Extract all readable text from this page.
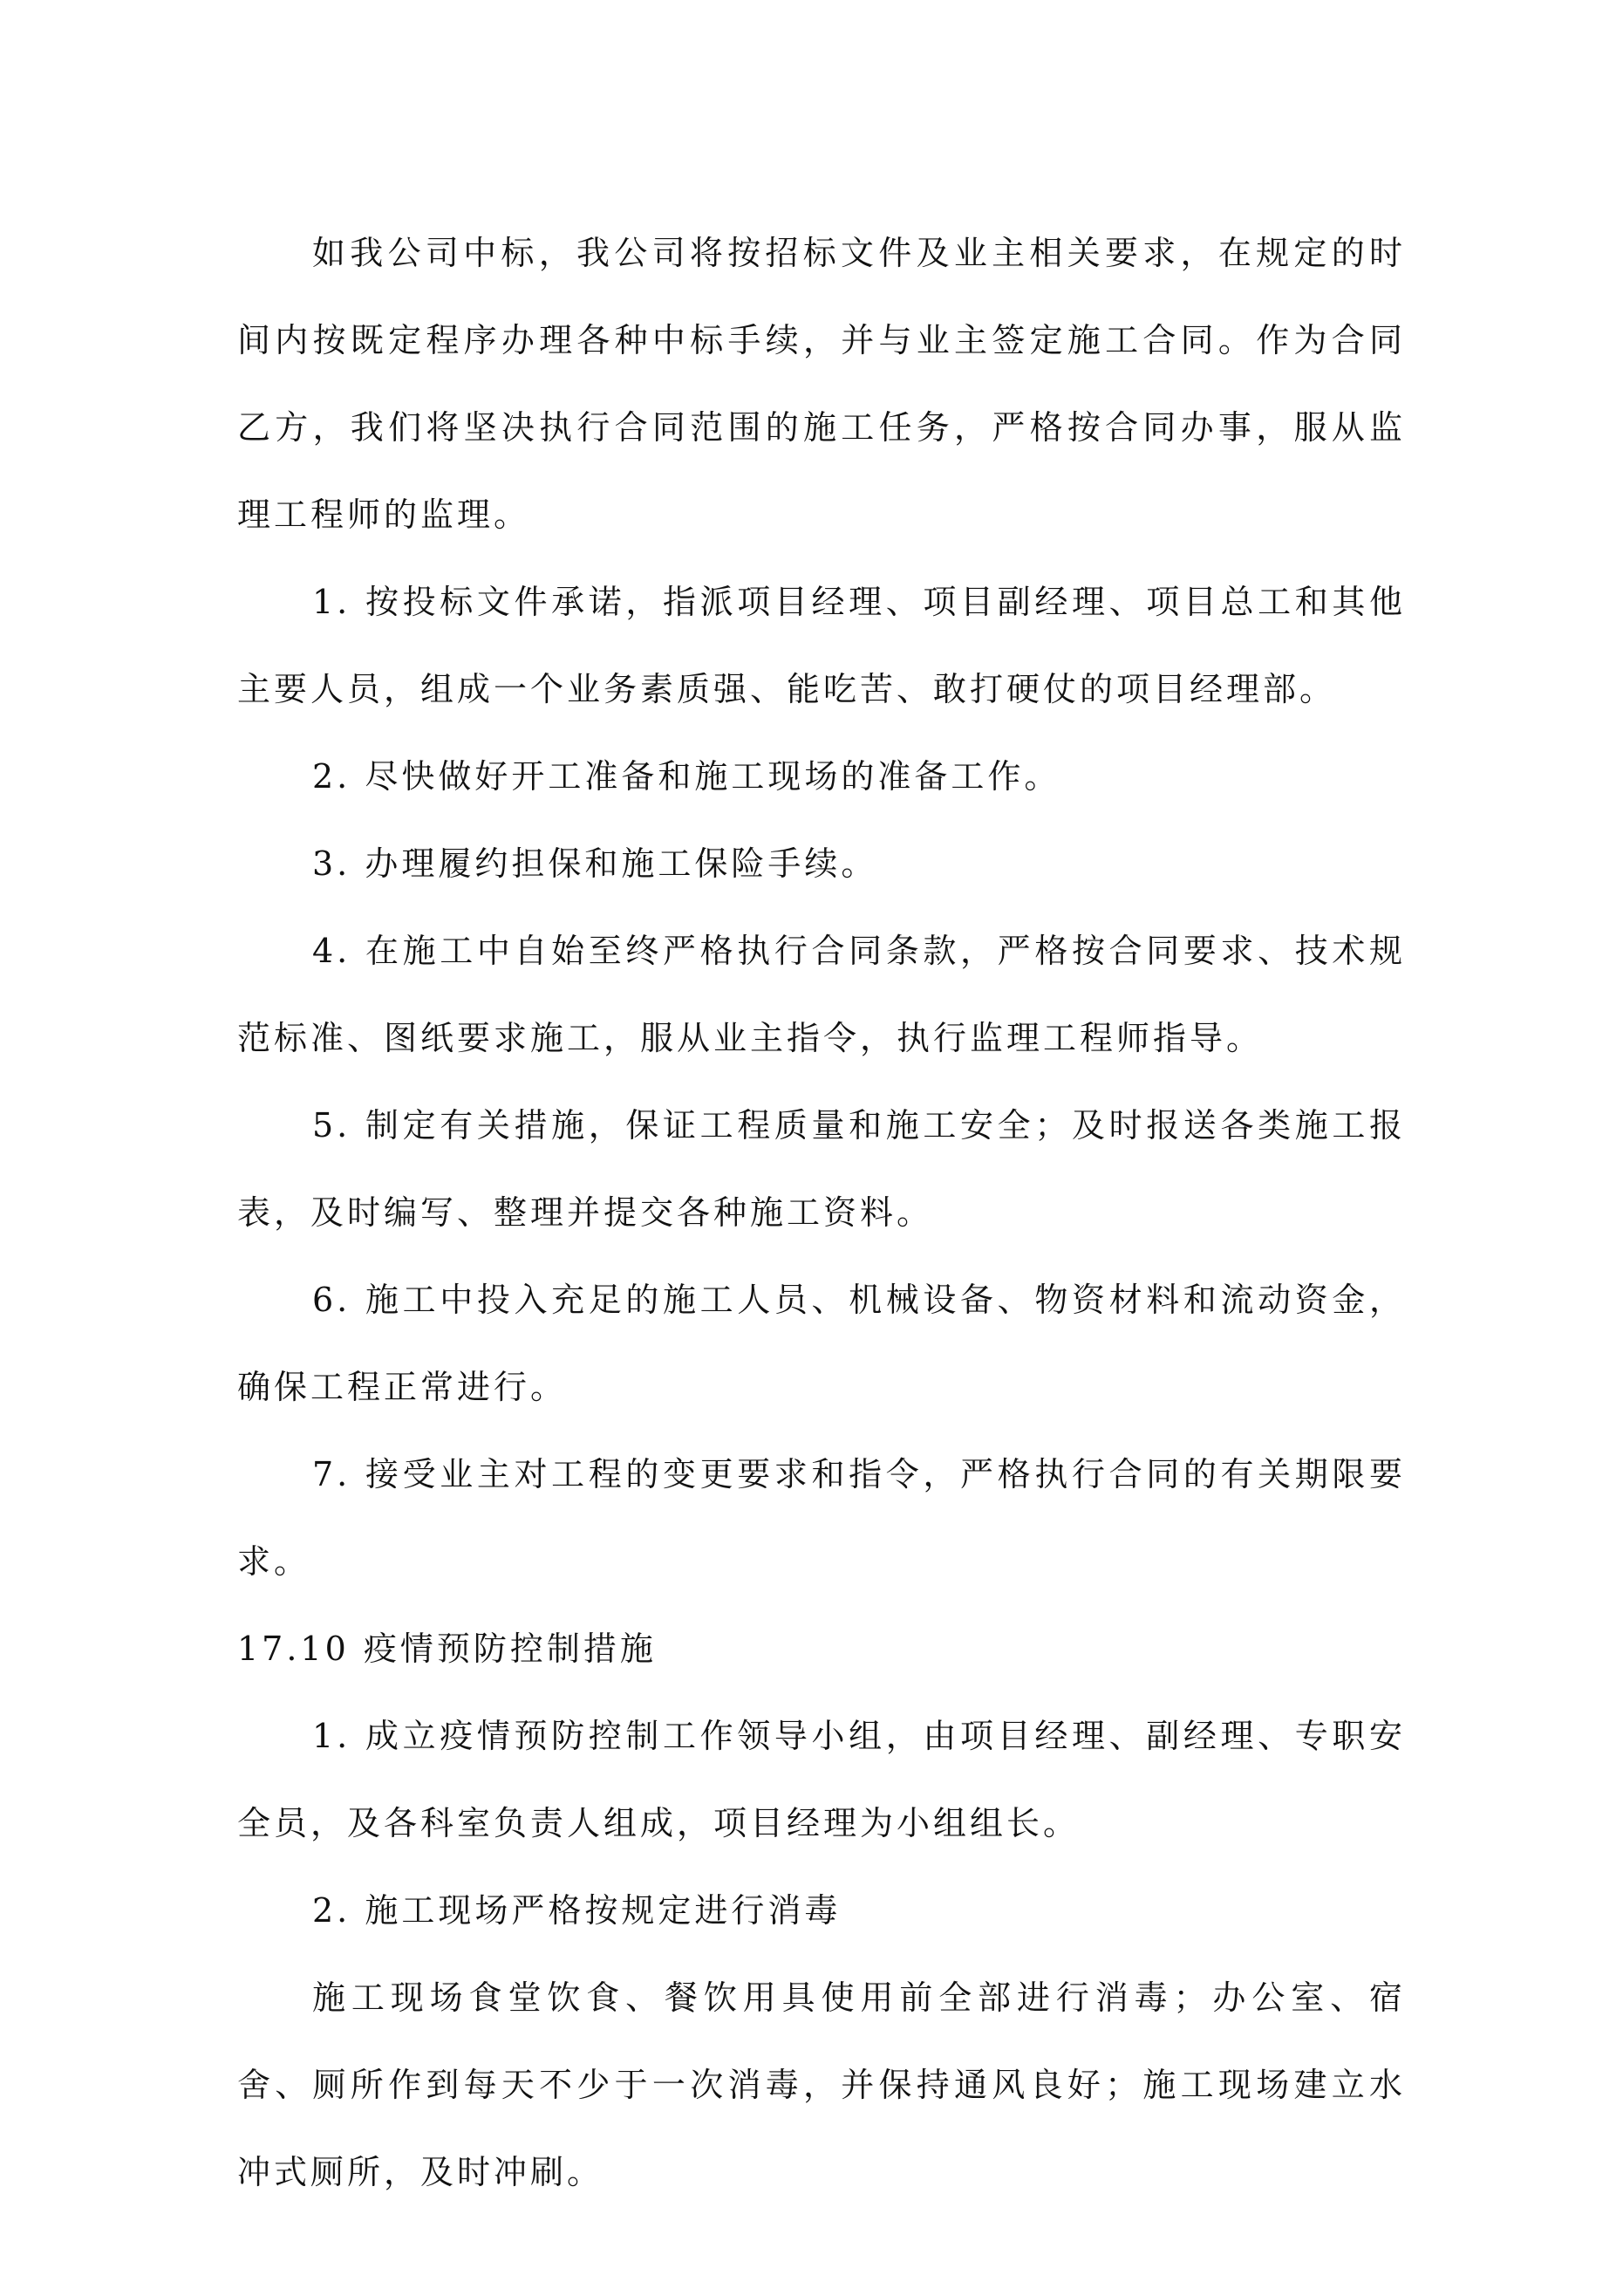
如我公司中标，我公司将按招标文件及业主相关要求，在规定的时间内按既定程序办理各种中标手续，并与业主签定施工合同。作为合同乙方，我们将坚决执行合同范围的施工任务，严格按合同办事，服从监理工程师的监理。

1. 按投标文件承诺，指派项目经理、项目副经理、项目总工和其他主要人员，组成一个业务素质强、能吃苦、敢打硬仗的项目经理部。

2. 尽快做好开工准备和施工现场的准备工作。

3. 办理履约担保和施工保险手续。

4. 在施工中自始至终严格执行合同条款，严格按合同要求、技术规范标准、图纸要求施工，服从业主指令，执行监理工程师指导。

5. 制定有关措施，保证工程质量和施工安全；及时报送各类施工报表，及时编写、整理并提交各种施工资料。

6. 施工中投入充足的施工人员、机械设备、物资材料和流动资金，确保工程正常进行。

7. 接受业主对工程的变更要求和指令，严格执行合同的有关期限要求。

17.10 疫情预防控制措施

1. 成立疫情预防控制工作领导小组，由项目经理、副经理、专职安全员，及各科室负责人组成，项目经理为小组组长。

2. 施工现场严格按规定进行消毒

施工现场食堂饮食、餐饮用具使用前全部进行消毒；办公室、宿舍、厕所作到每天不少于一次消毒，并保持通风良好；施工现场建立水冲式厕所，及时冲刷。
